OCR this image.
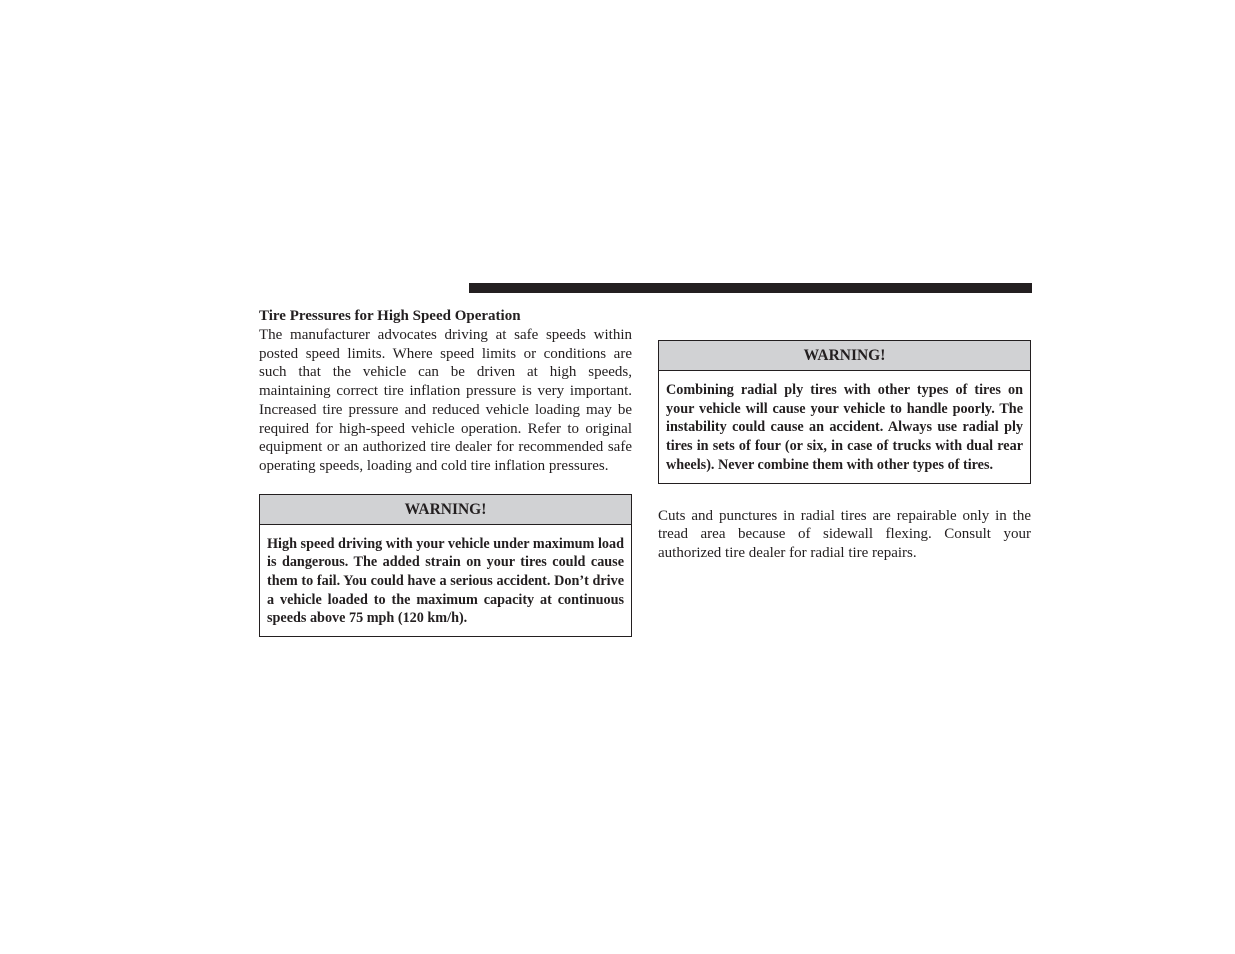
Tire Pressures for High Speed Operation

The manufacturer advocates driving at safe speeds within posted speed limits. Where speed limits or conditions are such that the vehicle can be driven at high speeds, maintaining correct tire inflation pressure is very important. Increased tire pressure and reduced vehicle loading may be required for high-speed vehicle operation. Refer to original equipment or an authorized tire dealer for recommended safe operating speeds, loading and cold tire inflation pressures.

WARNING!

High speed driving with your vehicle under maximum load is dangerous. The added strain on your tires could cause them to fail. You could have a serious accident. Don’t drive a vehicle loaded to the maximum capacity at continuous speeds above 75 mph (120 km/h).

WARNING!

Combining radial ply tires with other types of tires on your vehicle will cause your vehicle to handle poorly. The instability could cause an accident. Always use radial ply tires in sets of four (or six, in case of trucks with dual rear wheels). Never combine them with other types of tires.

Cuts and punctures in radial tires are repairable only in the tread area because of sidewall flexing. Consult your authorized tire dealer for radial tire repairs.
